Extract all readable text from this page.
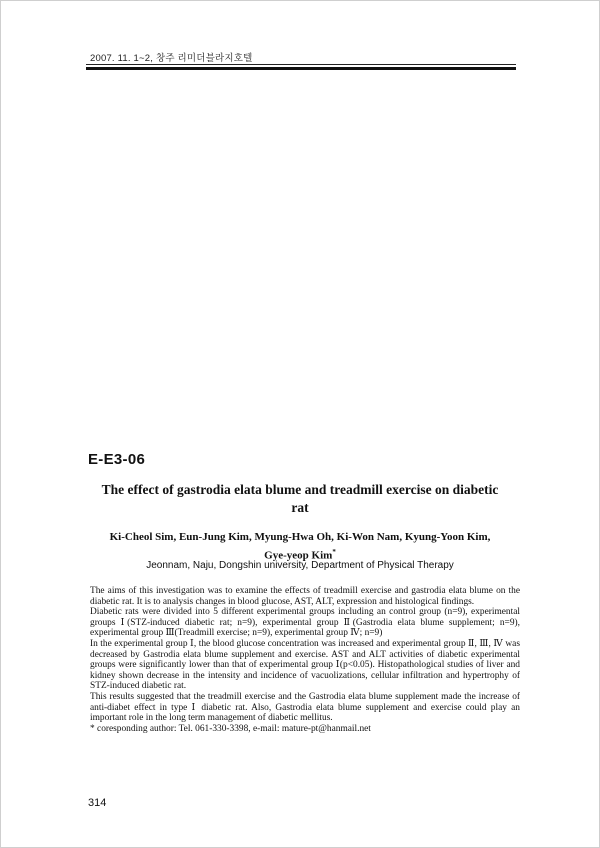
2007. 11. 1~2, 창주 리미더블라지호텔
E-E3-06
The effect of gastrodia elata blume and treadmill exercise on diabetic rat
Ki-Cheol Sim, Eun-Jung Kim, Myung-Hwa Oh, Ki-Won Nam, Kyung-Yoon Kim,
Gye-yeop Kim*
Jeonnam, Naju, Dongshin university, Department of Physical Therapy

The aims of this investigation was to examine the effects of treadmill exercise and gastrodia elata blume on the diabetic rat. It is to analysis changes in blood glucose, AST, ALT, expression and histological findings.

Diabetic rats were divided into 5 different experimental groups including an control group (n=9), experimental groups Ⅰ(STZ-induced diabetic rat; n=9), experimental group Ⅱ(Gastrodia elata blume supplement; n=9), experimental group Ⅲ(Treadmill exercise; n=9), experimental group Ⅳ; n=9)

In the experimental group Ⅰ, the blood glucose concentration was increased and experimental group Ⅱ, Ⅲ, Ⅳ was decreased by Gastrodia elata blume supplement and exercise. AST and ALT activities of diabetic experimental groups were significantly lower than that of experimental group Ⅰ(p<0.05). Histopathological studies of liver and kidney shown decrease in the intensity and incidence of vacuolizations, cellular infiltration and hypertrophy of STZ-induced diabetic rat.

This results suggested that the treadmill exercise and the Gastrodia elata blume supplement made the increase of anti-diabet effect in type Ⅰ diabetic rat. Also, Gastrodia elata blume supplement and exercise could play an important role in the long term management of diabetic mellitus.

* coresponding author: Tel. 061-330-3398, e-mail: mature-pt@hanmail.net

314
